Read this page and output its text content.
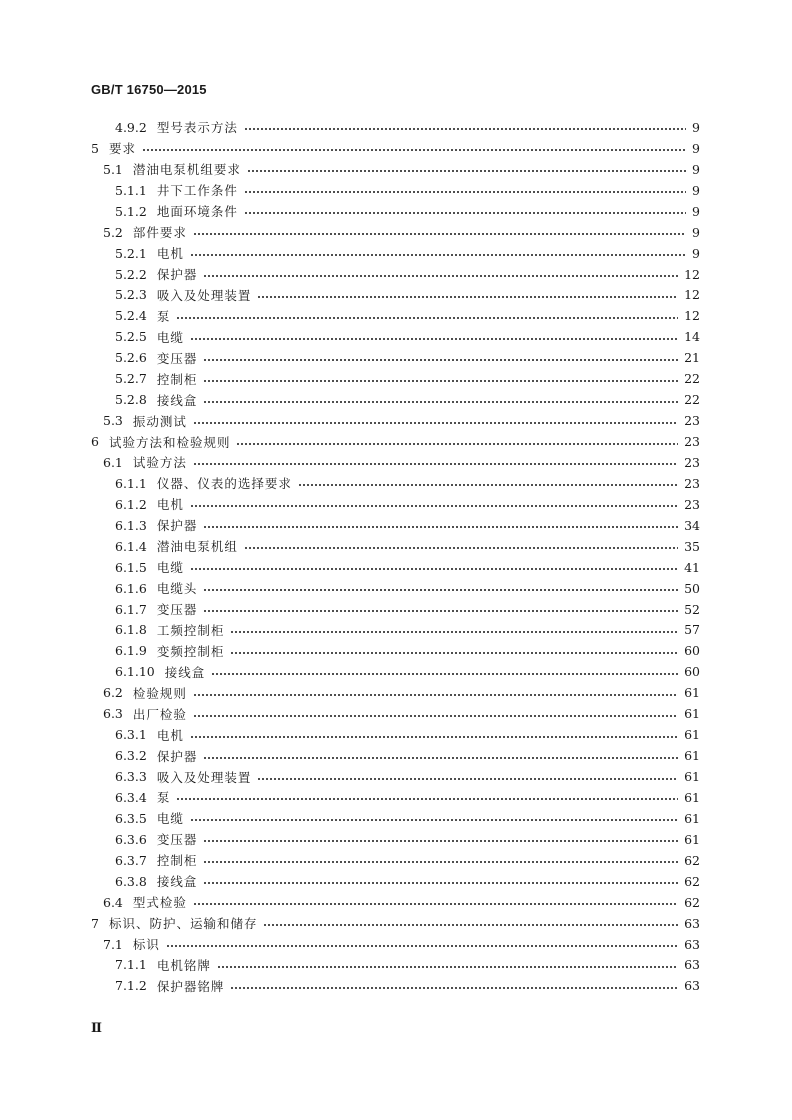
GB/T 16750—2015
4.9.2 型号表示方法	9
5 要求	9
5.1 潜油电泵机组要求	9
5.1.1 井下工作条件	9
5.1.2 地面环境条件	9
5.2 部件要求	9
5.2.1 电机	9
5.2.2 保护器	12
5.2.3 吸入及处理装置	12
5.2.4 泵	12
5.2.5 电缆	14
5.2.6 变压器	21
5.2.7 控制柜	22
5.2.8 接线盒	22
5.3 振动测试	23
6 试验方法和检验规则	23
6.1 试验方法	23
6.1.1 仪器、仪表的选择要求	23
6.1.2 电机	23
6.1.3 保护器	34
6.1.4 潜油电泵机组	35
6.1.5 电缆	41
6.1.6 电缆头	50
6.1.7 变压器	52
6.1.8 工频控制柜	57
6.1.9 变频控制柜	60
6.1.10 接线盒	60
6.2 检验规则	61
6.3 出厂检验	61
6.3.1 电机	61
6.3.2 保护器	61
6.3.3 吸入及处理装置	61
6.3.4 泵	61
6.3.5 电缆	61
6.3.6 变压器	61
6.3.7 控制柜	62
6.3.8 接线盒	62
6.4 型式检验	62
7 标识、防护、运输和储存	63
7.1 标识	63
7.1.1 电机铭牌	63
7.1.2 保护器铭牌	63
Ⅱ
